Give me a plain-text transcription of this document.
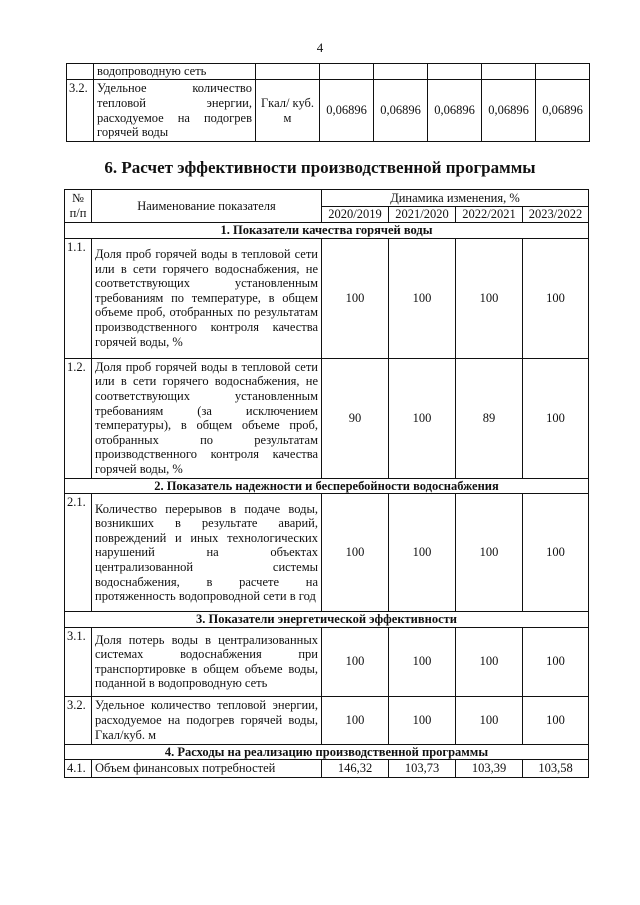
4
	водопроводную сеть						
3.2.	Удельное количество тепловой энергии, расходуемое на подогрев горячей воды	Гкал/ куб. м	0,06896	0,06896	0,06896	0,06896	0,06896
6. Расчет эффективности производственной программы
№ п/п	Наименование показателя	Динамика изменения, %			
		2020/2019	2021/2020	2022/2021	2023/2022
1. Показатели качества горячей воды					
1.1.	Доля проб горячей воды в тепловой сети или в сети горячего водоснабжения, не соответствующих установленным требованиям по температуре, в общем объеме проб, отобранных по результатам производственного контроля качества горячей воды, %	100	100	100	100
1.2.	Доля проб горячей воды в тепловой сети или в сети горячего водоснабжения, не соответствующих установленным требованиям (за исключением температуры), в общем объеме проб, отобранных по результатам производственного контроля качества горячей воды, %	90	100	89	100
2. Показатель надежности и бесперебойности водоснабжения					
2.1.	Количество перерывов в подаче воды, возникших в результате аварий, повреждений и иных технологических нарушений на объектах централизованной системы водоснабжения, в расчете на протяженность водопроводной сети в год	100	100	100	100
3. Показатели энергетической эффективности					
3.1.	Доля потерь воды в централизованных системах водоснабжения при транспортировке в общем объеме воды, поданной в водопроводную сеть	100	100	100	100
3.2.	Удельное количество тепловой энергии, расходуемое на подогрев горячей воды, Гкал/куб. м	100	100	100	100
4. Расходы на реализацию производственной программы					
4.1.	Объем финансовых потребностей	146,32	103,73	103,39	103,58
